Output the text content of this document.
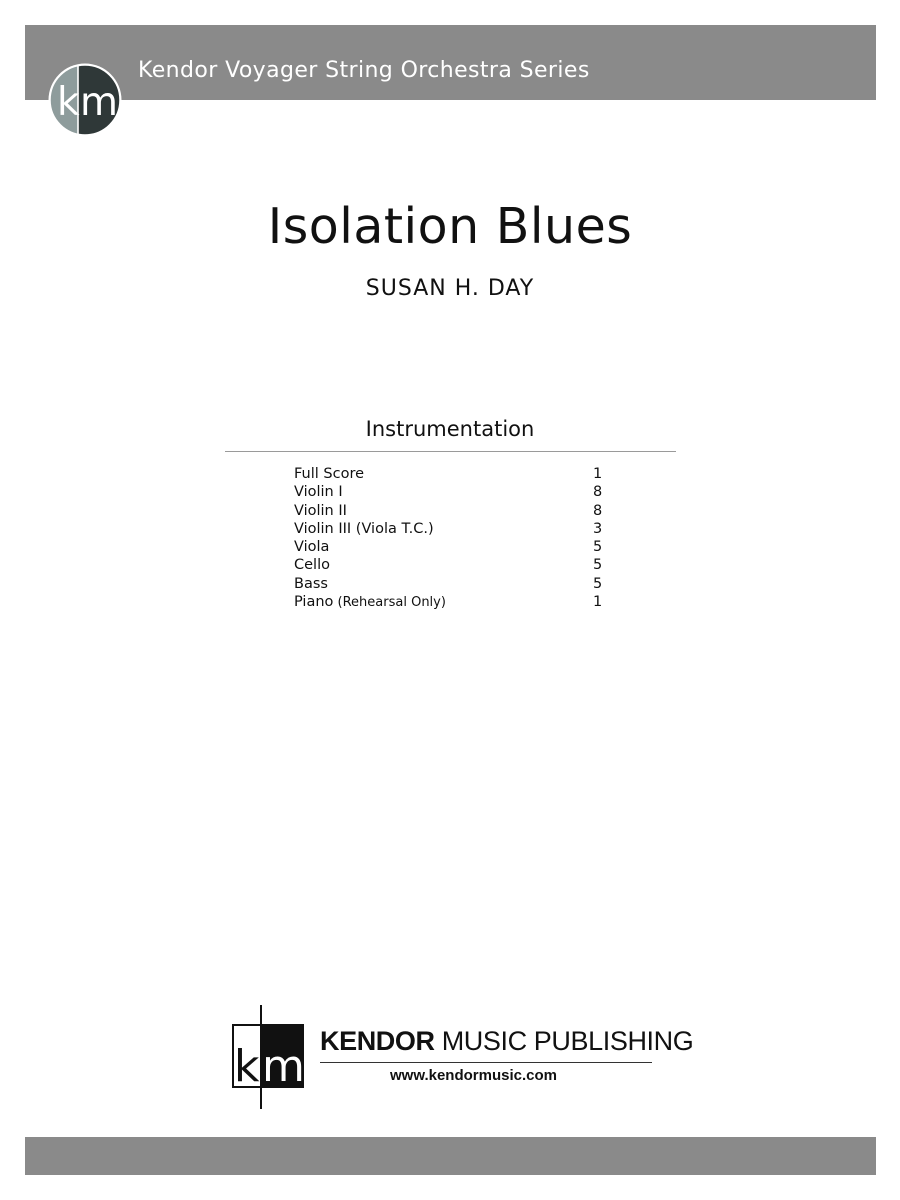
Kendor Voyager String Orchestra Series
k m
Isolation Blues
SUSAN H. DAY
Instrumentation
Full Score	1
Violin I	8
Violin II	8
Violin III (Viola T.C.)	3
Viola	5
Cello	5
Bass	5
Piano (Rehearsal Only)	1
k m KENDOR MUSIC PUBLISHING
www.kendormusic.com
